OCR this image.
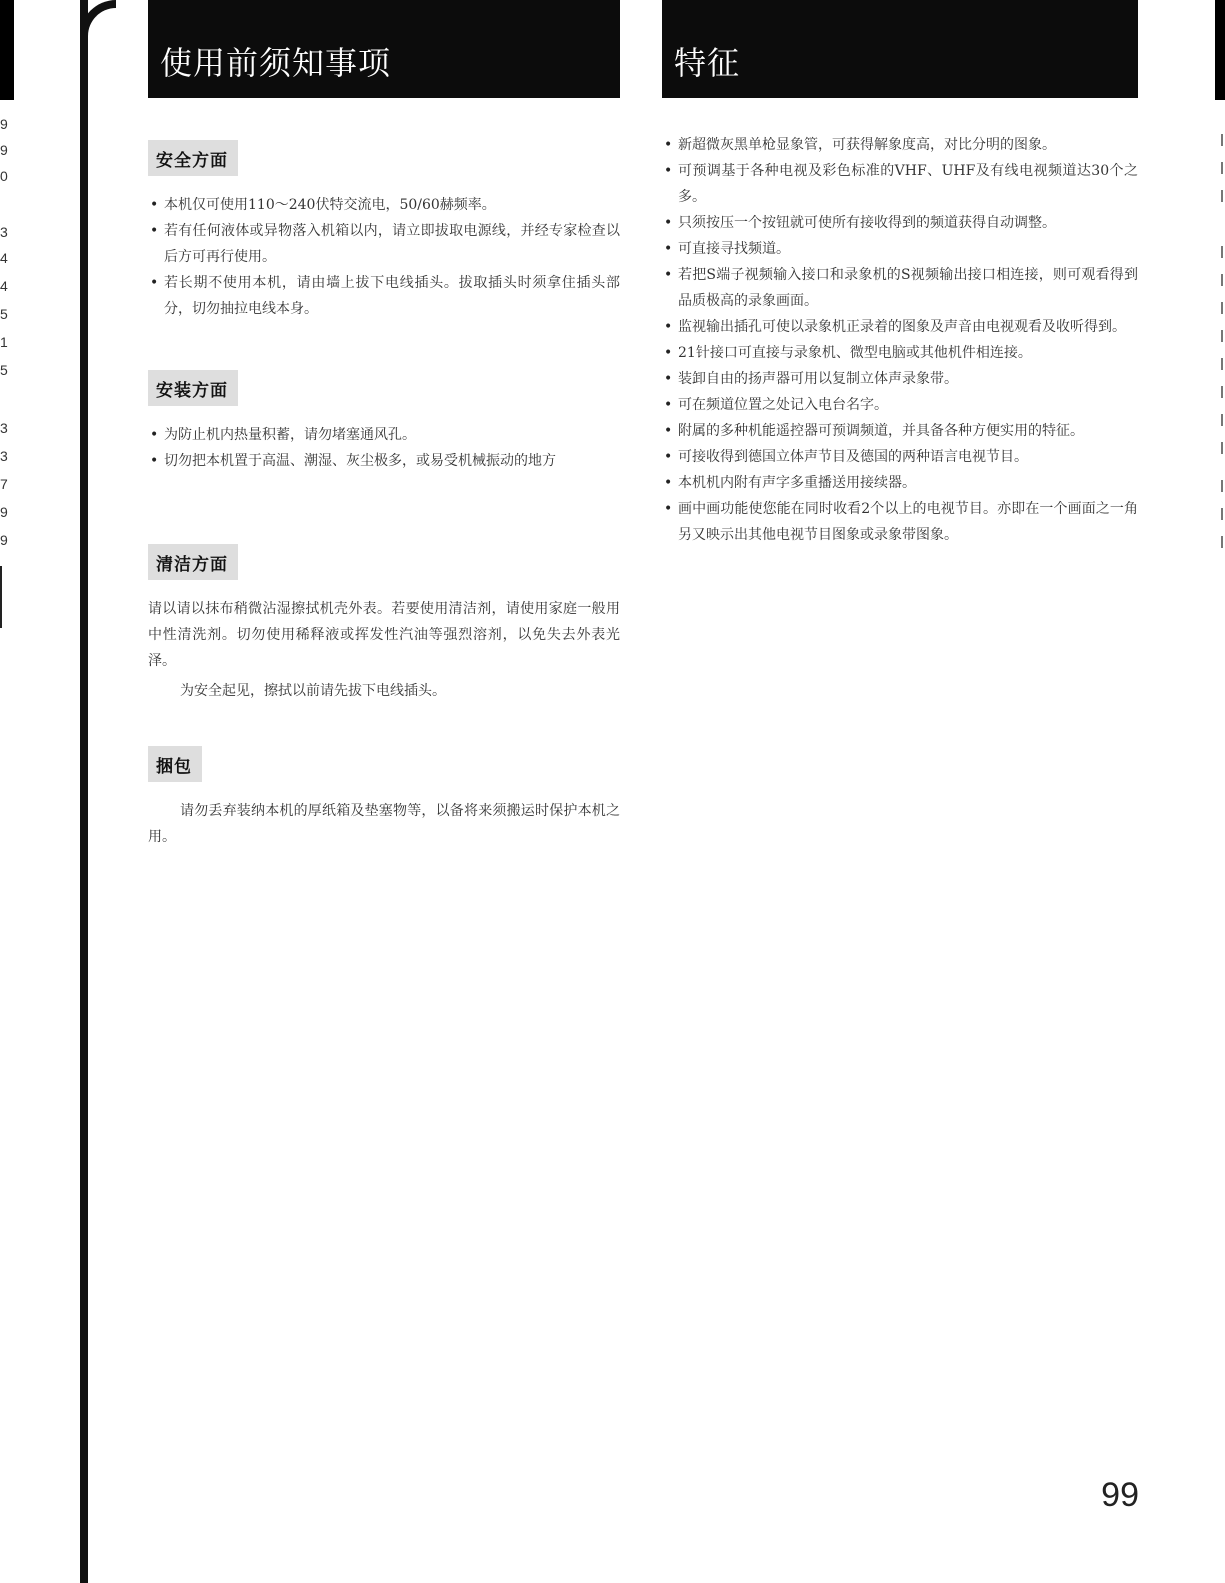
9
9
0
3
4
4
5
1
5
3
3
7
9
9
使用前须知事项
安全方面
• 本机仅可使用110～240伏特交流电，50/60赫频率。
• 若有任何液体或异物落入机箱以内，请立即拔取电源线，并经专家检查以后方可再行使用。
• 若长期不使用本机，请由墙上拔下电线插头。拔取插头时须拿住插头部分，切勿抽拉电线本身。
安装方面
• 为防止机内热量积蓄，请勿堵塞通风孔。
• 切勿把本机置于高温、潮湿、灰尘极多，或易受机械振动的地方
清洁方面

请以请以抹布稍微沾湿擦拭机壳外表。若要使用清洁剂，请使用家庭一般用中性清洗剂。切勿使用稀释液或挥发性汽油等强烈溶剂，以免失去外表光泽。

为安全起见，擦拭以前请先拔下电线插头。

捆包

请勿丢弃装纳本机的厚纸箱及垫塞物等，以备将来须搬运时保护本机之用。

特征
• 新超微灰黑单枪显象管，可获得解象度高，对比分明的图象。
• 可预调基于各种电视及彩色标准的VHF、UHF及有线电视频道达30个之多。
• 只须按压一个按钮就可使所有接收得到的频道获得自动调整。
• 可直接寻找频道。
• 若把S端子视频输入接口和录象机的S视频输出接口相连接，则可观看得到品质极高的录象画面。
• 监视输出插孔可使以录象机正录着的图象及声音由电视观看及收听得到。
• 21针接口可直接与录象机、微型电脑或其他机件相连接。
• 装卸自由的扬声器可用以复制立体声录象带。
• 可在频道位置之处记入电台名字。
• 附属的多种机能遥控器可预调频道，并具备各种方便实用的特征。
• 可接收得到德国立体声节目及德国的两种语言电视节目。
• 本机机内附有声字多重播送用接续器。
• 画中画功能使您能在同时收看2个以上的电视节目。亦即在一个画面之一角另又映示出其他电视节目图象或录象带图象。
99
